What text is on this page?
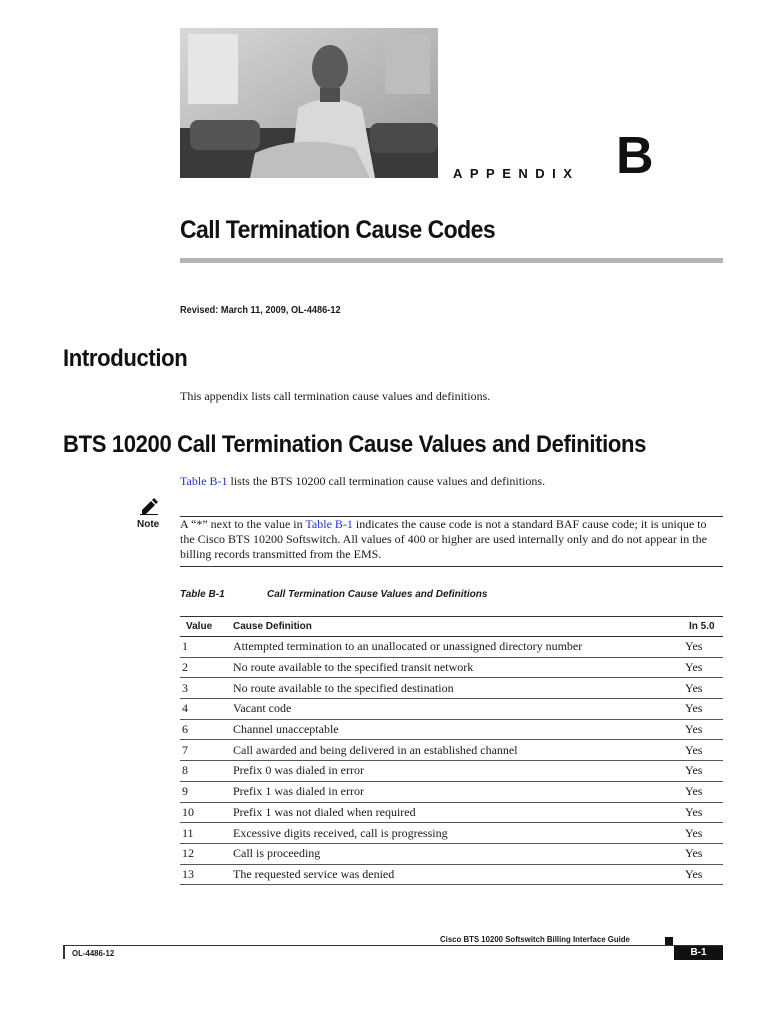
APPENDIX B
Call Termination Cause Codes
Revised: March 11, 2009, OL-4486-12
Introduction
This appendix lists call termination cause values and definitions.
BTS 10200 Call Termination Cause Values and Definitions
Table B-1 lists the BTS 10200 call termination cause values and definitions.
Note A “*” next to the value in Table B-1 indicates the cause code is not a standard BAF cause code; it is unique to the Cisco BTS 10200 Softswitch. All values of 400 or higher are used internally only and do not appear in the billing records transmitted from the EMS.
Table B-1	Call Termination Cause Values and Definitions
Value	Cause Definition	In 5.0
1	Attempted termination to an unallocated or unassigned directory number	Yes
2	No route available to the specified transit network	Yes
3	No route available to the specified destination	Yes
4	Vacant code	Yes
6	Channel unacceptable	Yes
7	Call awarded and being delivered in an established channel	Yes
8	Prefix 0 was dialed in error	Yes
9	Prefix 1 was dialed in error	Yes
10	Prefix 1 was not dialed when required	Yes
11	Excessive digits received, call is progressing	Yes
12	Call is proceeding	Yes
13	The requested service was denied	Yes
Cisco BTS 10200 Softswitch Billing Interface Guide
OL-4486-12	B-1
